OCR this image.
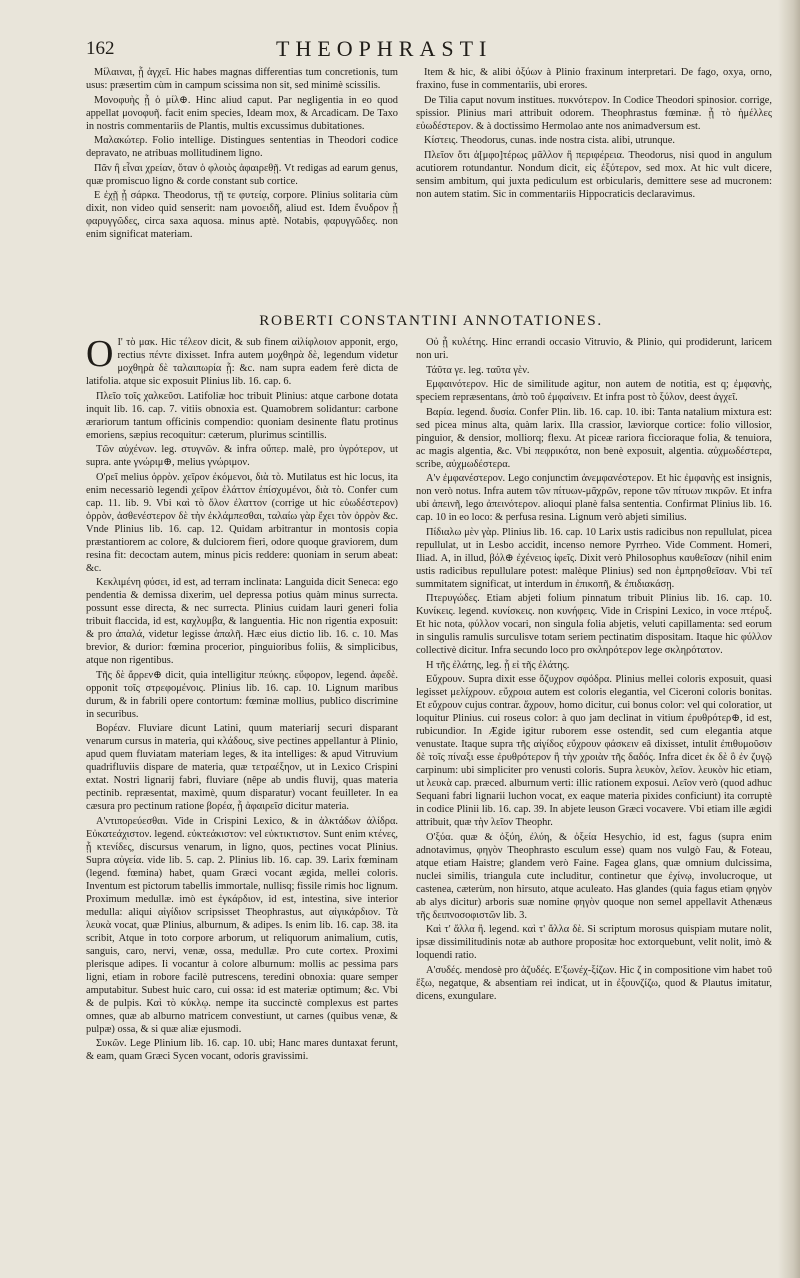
162	THEOPHRASTI

Μίλαιναι, ᾗ ἀγχεῖ. Hic habes magnas differentias tum concretionis, tum usus: præsertim cùm in campum scissima non sit, sed minimè scissilis.

Μονοφυὴς ᾗ ὁ μίλ⊕. Hinc aliud caput. Par negligentia in eo quod appellat μονοφυῆ. facit enim species, Ideam mox, & Arcadicam. De Taxo in nostris commentariis de Plantis, multis excussimus dubitationes.

Μαλακώτερ. Folio intellige. Distingues sententias in Theodori codice depravato, ne atribuas mollitudinem ligno.

Πᾶν ἢ εἶναι χρείαν, ὅταν ὁ φλοιὸς ἀφαιρεθῇ. Vt redigas ad earum genus, quæ promiscuo ligno & corde constant sub cortice.

Ε ἐχῇ ᾗ σάρκα. Theodorus, τῇ τε φυτείᾳ, corpore. Plinius solitaria cùm dixit, non video quid senserit: nam μονοειδῆ, aliud est. Idem ἔνυδρον ᾗ φαρυγγῶδες, circa saxa aquosa. minus aptè. Notabis, φαρυγγῶδες. non enim significat materiam.

Item & hic, & alibi ὀξύων à Plinio fraxinum interpretari. De fago, oxya, orno, fraxino, fuse in commentariis, ubi erores.

De Tilia caput novum institues. πυκνότερον. In Codice Theodori spinosior. corrige, spissior. Plinius mari attribuit odorem. Theophrastus fœminæ. ᾗ τὸ ἡμέλλες εὐωδέστερον. & à doctissimo Hermolao ante nos animadversum est.

Κίστεις. Theodorus, cunas. inde nostra cista. alibi, utrunque.

Πλεῖον ὅτι ἀ[μφο]τέρως μᾶλλον ἢ περιφέρεια. Theodorus, nisi quod in angulum acutiorem rotundantur. Nondum dicit, εἰς ἐξύτερον, sed mox. At hic vult dicere, sensim ambitum, qui juxta pediculum est orbicularis, demittere sese ad mucronem: non autem statim. Sic in commentariis Hippocraticis declaravimus.

ROBERTI CONSTANTINI ANNOTATIONES.

O Ι' τὸ μακ. Hic τέλεον dicit, & sub finem αἰλίφλοιον apponit, ergo, rectius πέντε dixisset. Infra autem μοχθηρὰ δὲ, legendum videtur μοχθηρὰ δὲ ταλαιπωρία ᾗ: &c. nam supra eadem ferè dicta de latifolia. atque sic exposuit Plinius lib. 16. cap. 6.

Πλεῖο τοῖς χαλκεῦσι. Latifoliæ hoc tribuit Plinius: atque carbone dotata inquit lib. 16. cap. 7. vitiis obnoxia est. Quamobrem solidantur: carbone ærariorum tantum officinis compendio: quoniam desinente flatu protinus emoriens, sæpius recoquitur: cæterum, plurimus scintillis.

Τῶν αὐχένων. leg. στυγνῶν. & infra οὔπερ. malè, pro ὑγρότερον, ut supra. ante γνώριμ⊕, melius γνώριμον.

Ο'ρεῖ melius ὀρρὸν. χεῖρον ἐκόμενοι, διὰ τὸ. Mutilatus est hic locus, ita enim necessariò legendi χεῖρον ἐλάττον ἐπίσχυμένοι, διὰ τὸ. Confer cum cap. 11. lib. 9. Vbi καὶ τὸ ὅλον ἐλαττον (corrige ut hic εὐωδέστερον) ὀρρὸν, ἀσθενέστερον δὲ τὴν ἐκλάμπεσθαι, ταλαίω γὰρ ἔχει τὸν ὀρρὸν &c. Vnde Plinius lib. 16. cap. 12. Quidam arbitrantur in montosis copia præstantiorem ac colore, & dulciorem fieri, odore quoque graviorem, dum resina fit: decoctam autem, minus picis reddere: quoniam in serum abeat: &c.

Κεκλιμένη φύσει, id est, ad terram inclinata: Languida dicit Seneca: ego pendentia & demissa dixerim, uel depressa potius quàm minus surrecta. possunt esse directa, & nec surrecta. Plinius cuidam lauri generi folia tribuit flaccida, id est, καχλυμβα, & languentia. Hic non rigentia exposuit: & pro ἀπαλά, videtur legisse ἀπαλῆ. Hæc eius dictio lib. 16. c. 10. Mas brevior, & durior: fœmina procerior, pinguioribus foliis, & simplicibus, atque non rigentibus.

Τῆς δὲ ἄρρεν⊕ dicit, quia intelligitur πεύκης. εὔφορον, legend. ἀφεδὲ. opponit τοῖς στρεφομένοις. Plinius lib. 16. cap. 10. Lignum maribus durum, & in fabrili opere contortum: fœminæ mollius, publico discrimine in securibus.

Βορέαν. Fluviare dicunt Latini, quum materiarij securi disparant venarum cursus in materia, qui κλάδους, sive pectines appellantur à Plinio, apud quem fluviatam materiam leges, & ita intelliges: & apud Vitruvium quadrifluviis dispare de materia, quæ τετραέξηον, ut in Lexico Crispini extat. Nostri lignarij fabri, fluviare (nêpe ab undis fluvij, quas materia pectinib. repræsentat, maximè, quum disparatur) vocant feuilleter. In ea cæsura pro pectinum ratione βορέα, ᾗ ἀφαιρεῖσ dicitur materia.

Α'ντιπορεύεσθαι. Vide in Crispini Lexico, & in ἀλκτάδων ἀλίδρα. Εὐκατεάχιστον. legend. εὐκτεάκιστον: vel εὐκτικτιστον. Sunt enim κτένες, ᾗ κτενίδες, discursus venarum, in ligno, quos, pectines vocat Plinius. Supra αὐγεία. vide lib. 5. cap. 2. Plinius lib. 16. cap. 39. Larix fœminam (legend. fœmina) habet, quam Græci vocant ægida, mellei coloris. Inventum est pictorum tabellis immortale, nullisq; fissile rimis hoc lignum. Proximum medullæ. imò est ἐγκάρδιον, id est, intestina, sive interior medulla: aliqui αἰγίδιον scripsisset Theophrastus, aut αἰγικάρδιον. Τὰ λευκὰ vocat, quæ Plinius, alburnum, & adipes. Is enim lib. 16. cap. 38. ita scribit, Atque in toto corpore arborum, ut reliquorum animalium, cutis, sanguis, caro, nervi, venæ, ossa, medullæ. Pro cute cortex. Proximi plerisque adipes. Ii vocantur à colore alburnum: mollis ac pessima pars ligni, etiam in robore facilè putrescens, teredini obnoxia: quare semper amputabitur. Subest huic caro, cui ossa: id est materiæ optimum; &c. Vbi & de pulpis. Καὶ τὸ κύκλῳ. nempe ita succinctè complexus est partes omnes, quæ ab alburno matricem convestiunt, ut carnes (quibus venæ, & pulpæ) ossa, & si quæ aliæ ejusmodi.

Συκῶν. Lege Plinium lib. 16. cap. 10. ubi; Hanc mares duntaxat ferunt, & eam, quam Græci Sycen vocant, odoris gravissimi.

Οὐ ᾗ κυλέτης. Hinc errandi occasio Vitruvio, & Plinio, qui prodiderunt, laricem non uri.

Τάῦτα γε. leg. ταῦτα γὲν.

Εμφαινότερον. Hic de similitude agitur, non autem de notitia, est q; ἐμφανὴς, speciem repræsentans, ἀπὸ τοῦ ἐμφαίνειν. Et infra post τὸ ξύλον, deest ἀγχεῖ.

Βαρία. legend. δυσία. Confer Plin. lib. 16. cap. 10. ibi: Tanta natalium mixtura est: sed picea minus alta, quàm larix. Illa crassior, læviorque cortice: folio villosior, pinguior, & densior, molliorq; flexu. At piceæ rariora ficcioraque folia, & tenuiora, ac magis algentia, &c. Vbi πεφρικότα, non benè exposuit, algentia. αὐχμωδέστερα, scribe, αὐχμωδέστερα.

Α'ν ἐμφανέστερον. Lego conjunctim ἀνεμφανέστερον. Et hic ἐμφανὴς est insignis, non verò notus. Infra autem τῶν πίτυων-μᾶχρῶν, repone τῶν πίτυων πικρῶν. Et infra ubi ἀπεινῆ, lego ἀπεινότερον. alioqui planè falsa sententia. Confirmat Plinius lib. 16. cap. 10 in eo loco: & perfusa resina. Lignum verò abjeti similius.

Πίδιαλω μὲν γὰρ. Plinius lib. 16. cap. 10 Larix ustis radicibus non repullulat, picea repullulat, ut in Lesbo accidit, incenso nemore Pyrrheo. Vide Comment. Homeri, Iliad. Α, in illud, βόλ⊕ ἐχένειος ἰφεῖς. Dixit verò Philosophus καυθεῖσαν (nihil enim ustis radicibus repullulare potest: malèque Plinius) sed non ἐμπρησθεῖσαν. Vbi τεῖ summitatem significat, ut interdum in ἐπικοπῆ, & ἐπιδιακάσῃ.

Πτερυγώδες. Etiam abjeti folium pinnatum tribuit Plinius lib. 16. cap. 10. Κυνίκεις. legend. κυνίσκεις. non κυνήφεις. Vide in Crispini Lexico, in voce πτέρυξ. Et hic nota, φύλλον vocari, non singula folia abjetis, veluti capillamenta: sed eorum in singulis ramulis surculisve totam seriem pectinatim dispositam. Itaque hic φύλλον collectivè dicitur. Infra secundo loco pro σκληρότερον lege σκληρότατον.

Η τῆς ἐλάτης, leg. ᾗ εἰ τῆς ἐλάτης.

Εὔχρουν. Supra dixit esse ὄζυχρον σφόδρα. Plinius mellei coloris exposuit, quasi legisset μελίχρουν. εὔχροια autem est coloris elegantia, vel Ciceroni coloris bonitas. Et εὔχρουν cujus contrar. ἄχρουν, homo dicitur, cui bonus color: vel qui coloratior, ut loquitur Plinius. cui roseus color: à quo jam declinat in vitium ἐρυθρότερ⊕, id est, rubicundior. In Ægide igitur ruborem esse ostendit, sed cum elegantia atque venustate. Itaque supra τῆς αἰγίδος εὔχρουν φάσκειν eâ dixisset, intulit ἐπιθυμοῦσιν δὲ τοῖς πίναξι esse ἐρυθρότερον ἢ τὴν χροιὰν τῆς δαδός. Infra dicet ἐκ δὲ ὃ ἐν ζυγῷ carpinum: ubi simpliciter pro venusti coloris. Supra λευκὸν, λεῖον. λευκὸν hic etiam, ut λευκὰ cap. præced. alburnum verti: illic rationem exposui. Λεῖον verò (quod adhuc Sequani fabri lignarii luchon vocat, ex eaque materia pixides conficiunt) ita corruptè in codice Plinii lib. 16. cap. 39. In abjete leuson Græci vocavere. Vbi etiam ille ægidi attribuit, quæ τὴν λεῖον Theophr.

Ο'ξύα. quæ & ὀξύη, ἐλύη, & ὀξεία Hesychio, id est, fagus (supra enim adnotavimus, φηγὸν Theophrasto esculum esse) quam nos vulgò Fau, & Foteau, atque etiam Haistre; glandem verò Faine. Fagea glans, quæ omnium dulcissima, nuclei similis, triangula cute includitur, continetur que ἐχίνῳ, involucroque, ut castenea, cæterùm, non hirsuto, atque aculeato. Has glandes (quia fagus etiam φηγὸν ab alys dicitur) arboris suæ nomine φηγὸν quoque non semel appellavit Athenæus τῆς δειπνοσοφιστῶν lib. 3.

Καὶ τ' ἄλλα ἢ. legend. καὶ τ' ἄλλα δὲ. Si scriptum morosus quispiam mutare nolit, ipsæ dissimilitudinis notæ ab authore propositæ hoc extorquebunt, velit nolit, imò & loquendi ratio.

Α'συδές. mendosè pro ἀζυδές. Ε'ξωνέχ-ξίζων. Hic ζ in compositione vim habet τοῦ ἔξω, negatque, & absentiam rei indicat, ut in ἐξουνζίζω, quod & Plautus imitatur, dicens, exungulare.
